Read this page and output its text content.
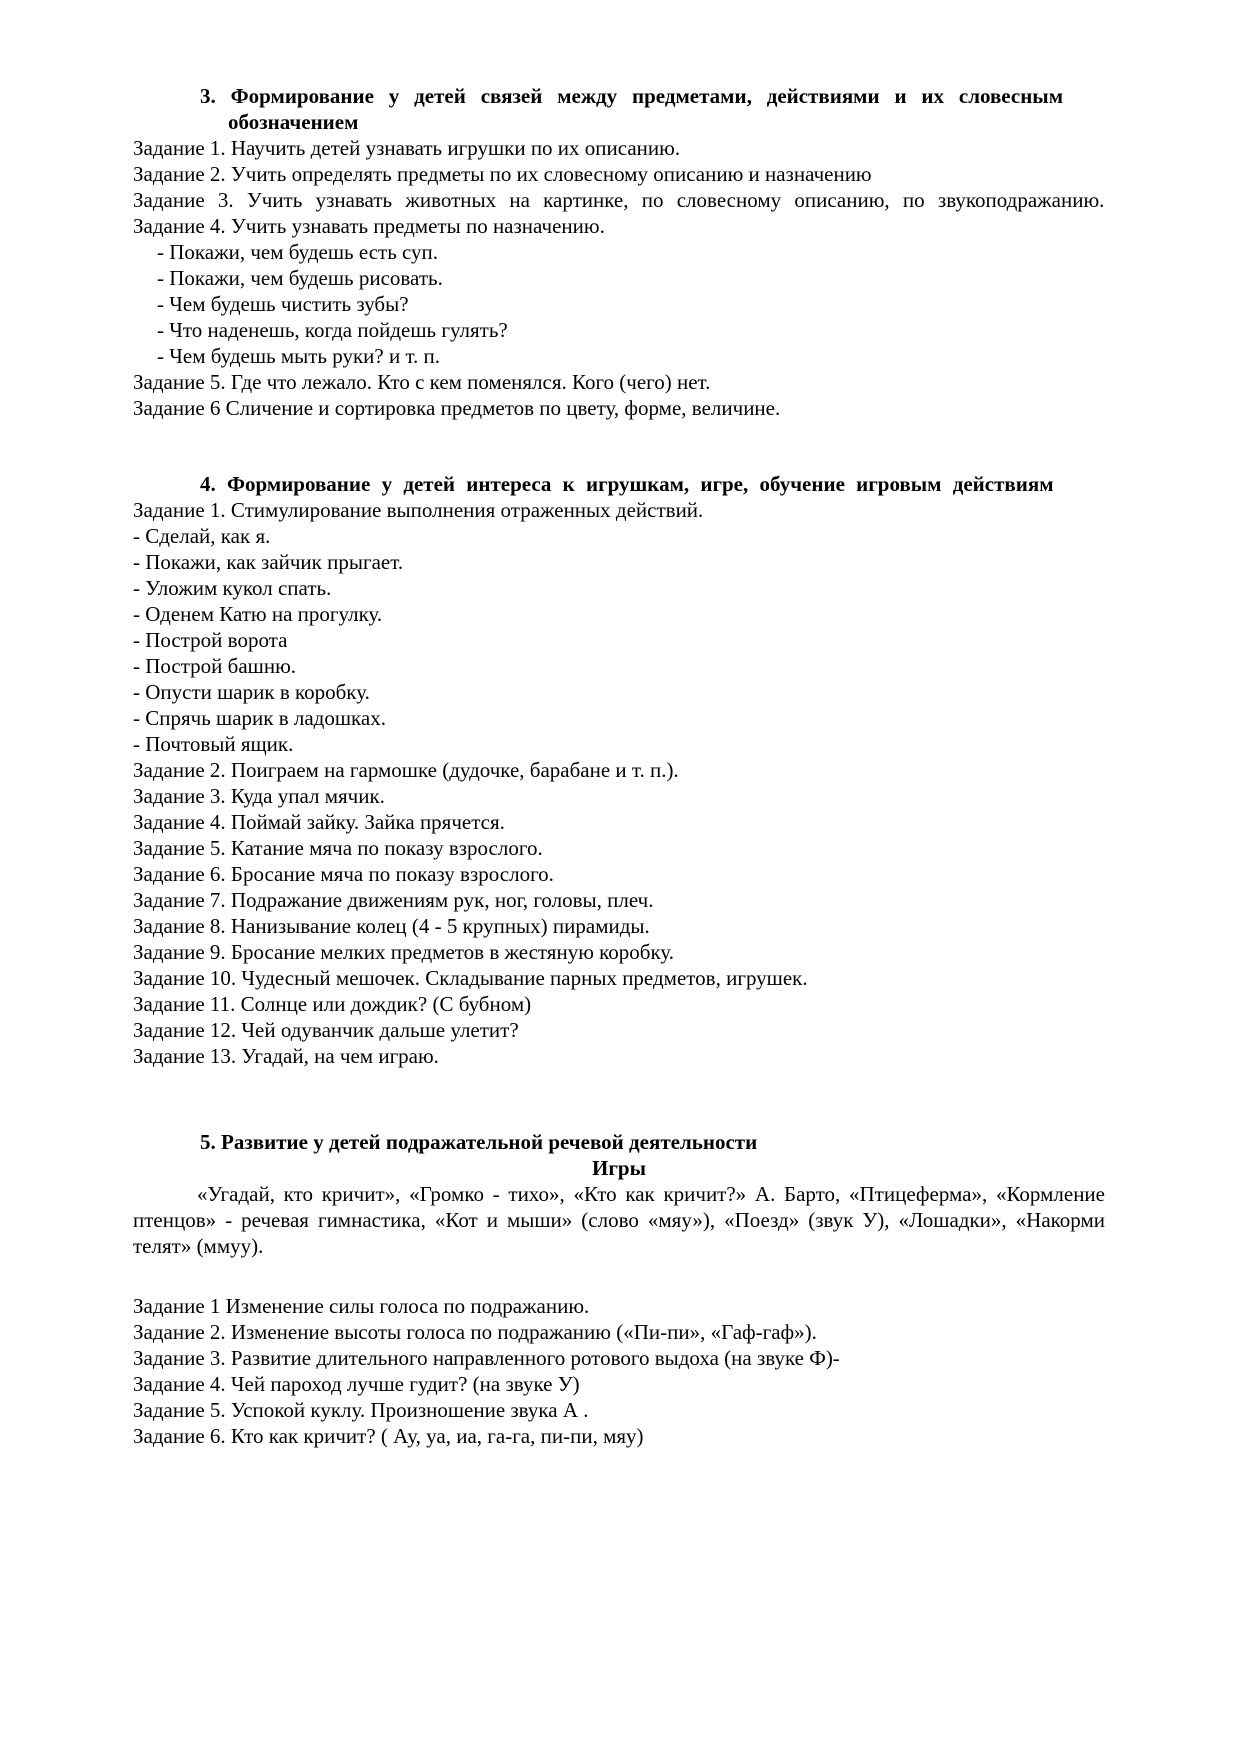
3. Формирование у детей связей между предметами, действиями и их словесным обозначением

Задание 1. Научить детей узнавать игрушки по их описанию.

Задание 2. Учить определять предметы по их словесному описанию и назначению

Задание 3. Учить узнавать животных на картинке, по словесному описанию, по звукоподражанию.

Задание 4. Учить узнавать предметы по назначению.

- Покажи, чем будешь есть суп.

- Покажи, чем будешь рисовать.

- Чем будешь чистить зубы?

- Что наденешь, когда пойдешь гулять?

- Чем будешь мыть руки? и т. п.

Задание 5. Где что лежало. Кто с кем поменялся. Кого (чего) нет.

Задание 6 Сличение и сортировка предметов по цвету, форме, величине.

4. Формирование у детей интереса к игрушкам, игре, обучение игровым действиям

Задание 1. Стимулирование выполнения отраженных действий.

- Сделай, как я.

- Покажи, как зайчик прыгает.

- Уложим кукол спать.

- Оденем Катю на прогулку.

- Построй ворота

- Построй башню.

- Опусти шарик в коробку.

- Спрячь шарик в ладошках.

- Почтовый ящик.

Задание 2. Поиграем на гармошке (дудочке, барабане и т. п.).

Задание 3. Куда упал мячик.

Задание 4. Поймай зайку. Зайка прячется.

Задание 5. Катание мяча по показу взрослого.

Задание 6. Бросание мяча по показу взрослого.

Задание 7. Подражание движениям рук, ног, головы, плеч.

Задание 8. Нанизывание колец (4 - 5 крупных) пирамиды.

Задание 9. Бросание мелких предметов в жестяную коробку.

Задание 10. Чудесный мешочек. Складывание парных предметов, игрушек.

Задание 11. Солнце или дождик? (С бубном)

Задание 12. Чей одуванчик дальше улетит?

Задание 13. Угадай, на чем играю.

5. Развитие у детей подражательной речевой деятельности

Игры

«Угадай, кто кричит», «Громко - тихо», «Кто как кричит?» А. Барто, «Птицеферма», «Кормление птенцов» - речевая гимнастика, «Кот и мыши» (слово «мяу»), «Поезд» (звук У), «Лошадки», «Накорми телят» (ммуу).

Задание 1 Изменение силы голоса по подражанию.

Задание 2. Изменение высоты голоса по подражанию («Пи-пи», «Гаф-гаф»).

Задание 3. Развитие длительного направленного ротового выдоха (на звуке Ф)-

Задание 4. Чей пароход лучше гудит? (на звуке У)

Задание 5. Успокой куклу. Произношение звука А .

Задание 6. Кто как кричит? ( Ау, уа, иа, га-га, пи-пи, мяу)
